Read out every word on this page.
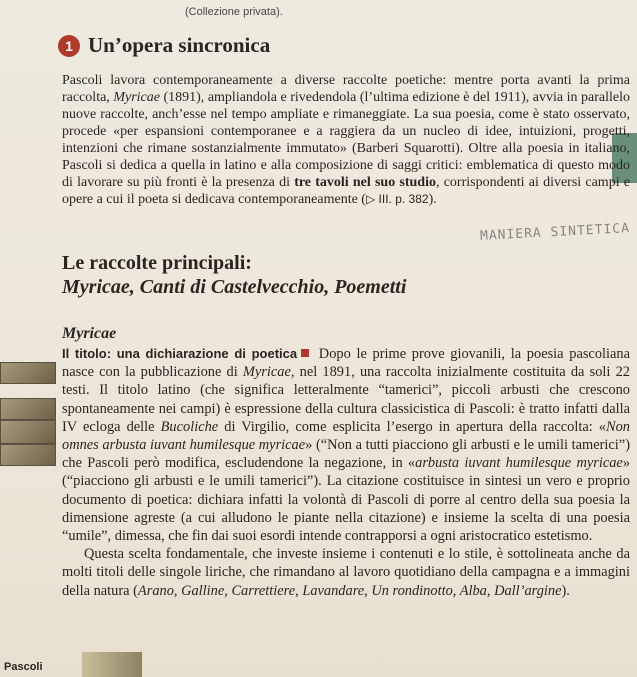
(Collezione privata).
1 Un’opera sincronica

Pascoli lavora contemporaneamente a diverse raccolte poetiche: mentre porta avanti la prima raccolta, Myricae (1891), ampliandola e rivedendola (l’ultima edizione è del 1911), avvia in parallelo nuove raccolte, anch’esse nel tempo ampliate e rimaneggiate. La sua poesia, come è stato osservato, procede «per espansioni contemporanee e a raggiera da un nucleo di idee, intuizioni, progetti, intenzioni che rimane sostanzialmente immutato» (Barberi Squarotti). Oltre alla poesia in italiano, Pascoli si dedica a quella in latino e alla composizione di saggi critici: emblematica di questo modo di lavorare su più fronti è la presenza di tre tavoli nel suo studio, corrispondenti ai diversi campi e opere a cui il poeta si dedicava contemporaneamente (▷ III. p. 382).

MANIERA SINTETICA
Le raccolte principali:
Myricae, Canti di Castelvecchio, Poemetti
Myricae

Il titolo: una dichiarazione di poetica Dopo le prime prove giovanili, la poesia pascoliana nasce con la pubblicazione di Myricae, nel 1891, una raccolta inizialmente costituita da soli 22 testi. Il titolo latino (che significa letteralmente “tamerici”, piccoli arbusti che crescono spontaneamente nei campi) è espressione della cultura classicistica di Pascoli: è tratto infatti dalla IV ecloga delle Bucoliche di Virgilio, come esplicita l’esergo in apertura della raccolta: «Non omnes arbusta iuvant humilesque myricae» (“Non a tutti piacciono gli arbusti e le umili tamerici”) che Pascoli però modifica, escludendone la negazione, in «arbusta iuvant humilesque myricae» (“piacciono gli arbusti e le umili tamerici”). La citazione costituisce in sintesi un vero e proprio documento di poetica: dichiara infatti la volontà di Pascoli di porre al centro della sua poesia la dimensione agreste (a cui alludono le piante nella citazione) e insieme la scelta di una poesia “umile”, dimessa, che fin dai suoi esordi intende contrapporsi a ogni aristocratico estetismo.

Questa scelta fondamentale, che investe insieme i contenuti e lo stile, è sottolineata anche da molti titoli delle singole liriche, che rimandano al lavoro quotidiano della campagna e a immagini della natura (Arano, Galline, Carrettiere, Lavandare, Un rondinotto, Alba, Dall’argine).

Pascoli
